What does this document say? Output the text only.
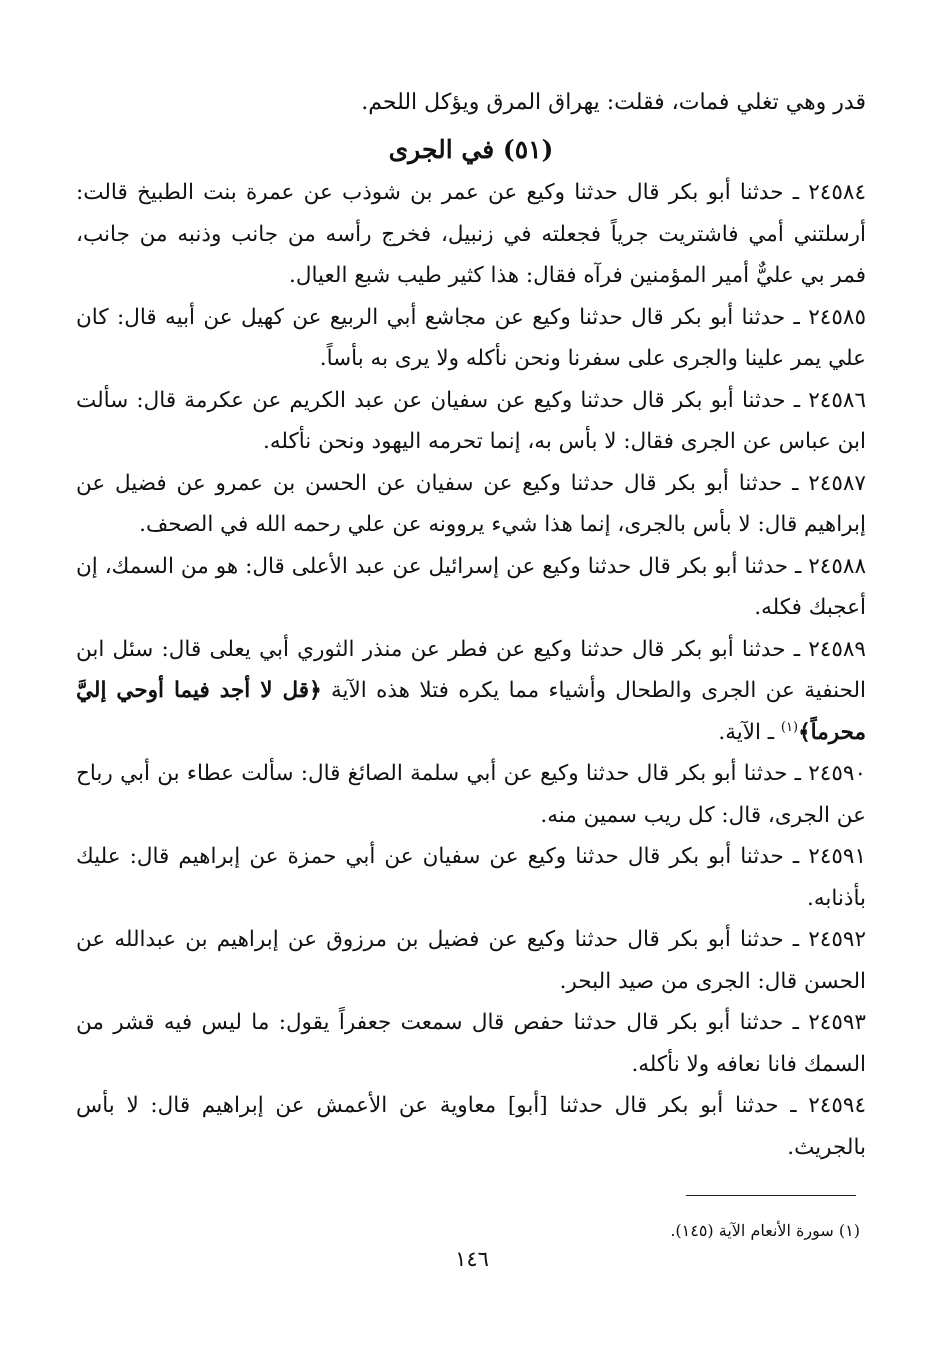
قدر وهي تغلي فمات، فقلت: يهراق المرق ويؤكل اللحم.
(٥١) في الجرى

٢٤٥٨٤ ـ حدثنا أبو بكر قال حدثنا وكيع عن عمر بن شوذب عن عمرة بنت الطبيخ قالت: أرسلتني أمي فاشتريت جرياً فجعلته في زنبيل، فخرج رأسه من جانب وذنبه من جانب، فمر بي عليٌّ أمير المؤمنين فرآه فقال: هذا كثير طيب شبع العيال.

٢٤٥٨٥ ـ حدثنا أبو بكر قال حدثنا وكيع عن مجاشع أبي الربيع عن كهيل عن أبيه قال: كان علي يمر علينا والجرى على سفرنا ونحن نأكله ولا يرى به بأساً.

٢٤٥٨٦ ـ حدثنا أبو بكر قال حدثنا وكيع عن سفيان عن عبد الكريم عن عكرمة قال: سألت ابن عباس عن الجرى فقال: لا بأس به، إنما تحرمه اليهود ونحن نأكله.

٢٤٥٨٧ ـ حدثنا أبو بكر قال حدثنا وكيع عن سفيان عن الحسن بن عمرو عن فضيل عن إبراهيم قال: لا بأس بالجرى، إنما هذا شيء يروونه عن علي رحمه الله في الصحف.

٢٤٥٨٨ ـ حدثنا أبو بكر قال حدثنا وكيع عن إسرائيل عن عبد الأعلى قال: هو من السمك، إن أعجبك فكله.

٢٤٥٨٩ ـ حدثنا أبو بكر قال حدثنا وكيع عن فطر عن منذر الثوري أبي يعلى قال: سئل ابن الحنفية عن الجرى والطحال وأشياء مما يكره فتلا هذه الآية ﴿قل لا أجد فيما أوحي إليَّ محرماً﴾$^{(١)}$ ـ الآية.

٢٤٥٩٠ ـ حدثنا أبو بكر قال حدثنا وكيع عن أبي سلمة الصائغ قال: سألت عطاء بن أبي رباح عن الجرى، قال: كل ريب سمين منه.

٢٤٥٩١ ـ حدثنا أبو بكر قال حدثنا وكيع عن سفيان عن أبي حمزة عن إبراهيم قال: عليك بأذنابه.

٢٤٥٩٢ ـ حدثنا أبو بكر قال حدثنا وكيع عن فضيل بن مرزوق عن إبراهيم بن عبدالله عن الحسن قال: الجرى من صيد البحر.

٢٤٥٩٣ ـ حدثنا أبو بكر قال حدثنا حفص قال سمعت جعفراً يقول: ما ليس فيه قشر من السمك فانا نعافه ولا نأكله.

٢٤٥٩٤ ـ حدثنا أبو بكر قال حدثنا [أبو] معاوية عن الأعمش عن إبراهيم قال: لا بأس بالجريث.

(١) سورة الأنعام الآية (١٤٥).
١٤٦
